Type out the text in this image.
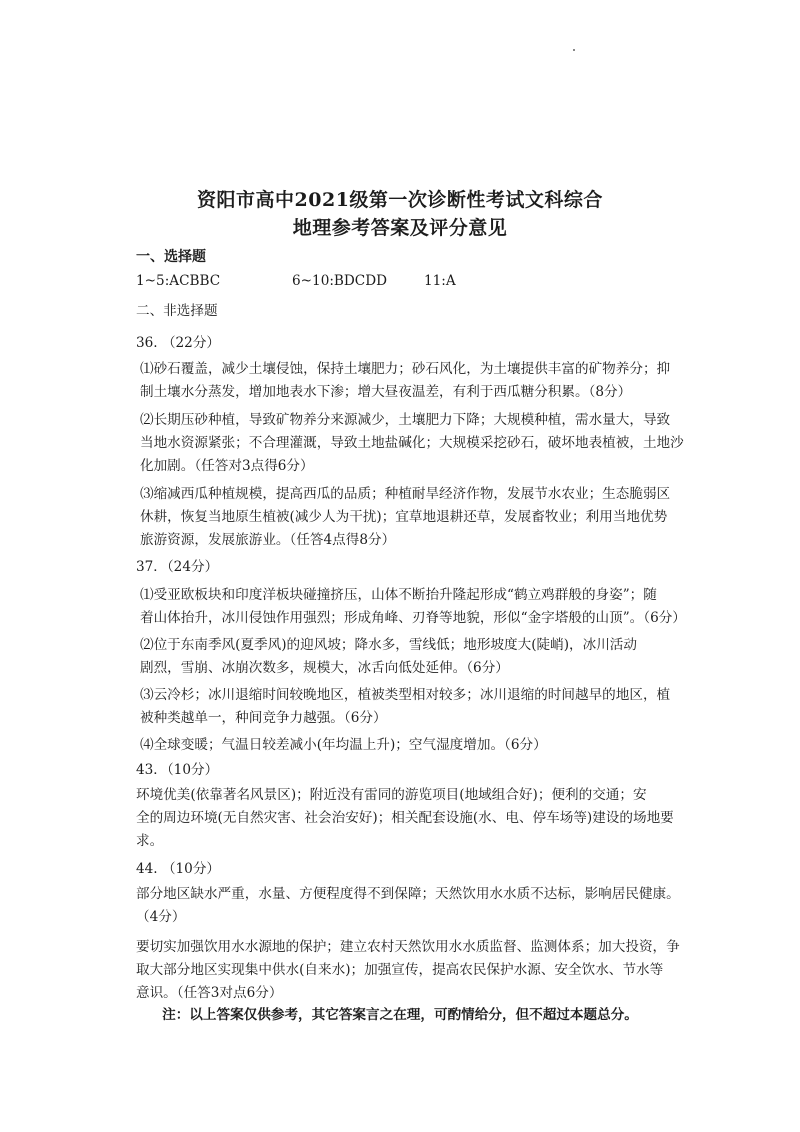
资阳市高中2021级第一次诊断性考试文科综合
地理参考答案及评分意见
一、选择题
1~5:ACBBC	6~10:BDCDD	11:A
二、非选择题
36. （22分）

⑴砂石覆盖，减少土壤侵蚀，保持土壤肥力；砂石风化，为土壤提供丰富的矿物养分；抑

制土壤水分蒸发，增加地表水下渗；增大昼夜温差，有利于西瓜糖分积累。（8分）

⑵长期压砂种植，导致矿物养分来源减少，土壤肥力下降；大规模种植，需水量大，导致

当地水资源紧张；不合理灌溉，导致土地盐碱化；大规模采挖砂石，破坏地表植被，土地沙

化加剧。（任答对3点得6分）

⑶缩减西瓜种植规模，提高西瓜的品质；种植耐旱经济作物，发展节水农业；生态脆弱区

休耕，恢复当地原生植被(减少人为干扰)；宜草地退耕还草，发展畜牧业；利用当地优势

旅游资源，发展旅游业。（任答4点得8分）

37．（24分）

⑴受亚欧板块和印度洋板块碰撞挤压，山体不断抬升隆起形成“鹤立鸡群般的身姿”；随

着山体抬升，冰川侵蚀作用强烈；形成角峰、刃脊等地貌，形似“金字塔般的山顶”。（6分）

⑵位于东南季风(夏季风)的迎风坡；降水多，雪线低；地形坡度大(陡峭)，冰川活动

剧烈，雪崩、冰崩次数多，规模大，冰舌向低处延伸。（6分）

⑶云冷杉；冰川退缩时间较晚地区，植被类型相对较多；冰川退缩的时间越早的地区，植

被种类越单一，种间竞争力越强。（6分）

⑷全球变暖；气温日较差减小(年均温上升)；空气湿度增加。（6分）

43．（10分）

环境优美(依靠著名风景区)；附近没有雷同的游览项目(地域组合好)；便利的交通；安

全的周边环境(无自然灾害、社会治安好)；相关配套设施(水、电、停车场等)建设的场地要

求。

44. （10分）

部分地区缺水严重，水量、方便程度得不到保障；天然饮用水水质不达标，影响居民健康。

（4分）

要切实加强饮用水水源地的保护；建立农村天然饮用水水质监督、监测体系；加大投资，争

取大部分地区实现集中供水(自来水)；加强宣传，提高农民保护水源、安全饮水、节水等

意识。（任答3对点6分）

注：以上答案仅供参考，其它答案言之在理，可酌情给分，但不超过本题总分。
